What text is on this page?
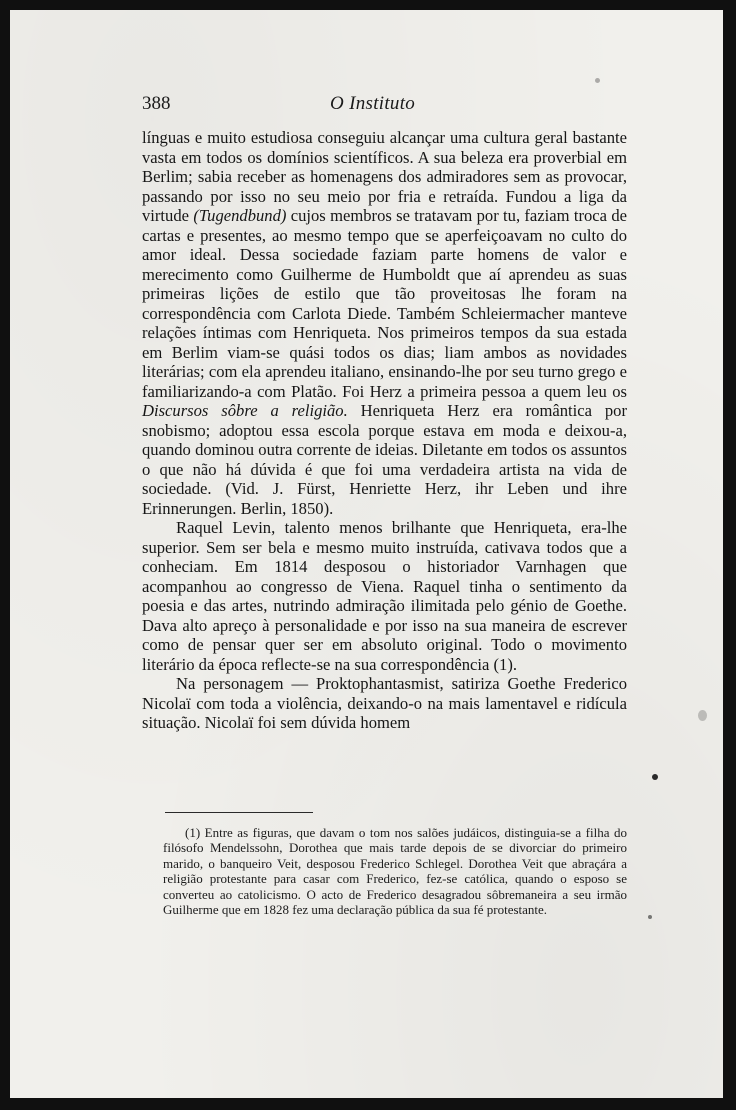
388	O Instituto

línguas e muito estudiosa conseguiu alcançar uma cultura geral bastante vasta em todos os domínios scientíficos. A sua beleza era proverbial em Berlim; sabia receber as homenagens dos admiradores sem as provocar, passando por isso no seu meio por fria e retraída. Fundou a liga da virtude (Tugendbund) cujos membros se tratavam por tu, faziam troca de cartas e presentes, ao mesmo tempo que se aperfeiçoavam no culto do amor ideal. Dessa sociedade faziam parte homens de valor e merecimento como Guilherme de Humboldt que aí aprendeu as suas primeiras lições de estilo que tão proveitosas lhe foram na correspondência com Carlota Diede. Também Schleiermacher manteve relações íntimas com Henriqueta. Nos primeiros tempos da sua estada em Berlim viam-se quási todos os dias; liam ambos as novidades literárias; com ela aprendeu italiano, ensinando-lhe por seu turno grego e familiarizando-a com Platão. Foi Herz a primeira pessoa a quem leu os Discursos sôbre a religião. Henriqueta Herz era romântica por snobismo; adoptou essa escola porque estava em moda e deixou-a, quando dominou outra corrente de ideias. Diletante em todos os assuntos o que não há dúvida é que foi uma verdadeira artista na vida de sociedade. (Vid. J. Fürst, Henriette Herz, ihr Leben und ihre Erinnerungen. Berlin, 1850).

Raquel Levin, talento menos brilhante que Henriqueta, era-lhe superior. Sem ser bela e mesmo muito instruída, cativava todos que a conheciam. Em 1814 desposou o historiador Varnhagen que acompanhou ao congresso de Viena. Raquel tinha o sentimento da poesia e das artes, nutrindo admiração ilimitada pelo génio de Goethe. Dava alto apreço à personalidade e por isso na sua maneira de escrever como de pensar quer ser em absoluto original. Todo o movimento literário da época reflecte-se na sua correspondência (1).

Na personagem — Proktophantasmist, satiriza Goethe Frederico Nicolaï com toda a violência, deixando-o na mais lamentavel e ridícula situação. Nicolaï foi sem dúvida homem

(1) Entre as figuras, que davam o tom nos salões judáicos, distinguia-se a filha do filósofo Mendelssohn, Dorothea que mais tarde depois de se divorciar do primeiro marido, o banqueiro Veit, desposou Frederico Schlegel. Dorothea Veit que abraçára a religião protestante para casar com Frederico, fez-se católica, quando o esposo se converteu ao catolicismo. O acto de Frederico desagradou sôbremaneira a seu irmão Guilherme que em 1828 fez uma declaração pública da sua fé protestante.
